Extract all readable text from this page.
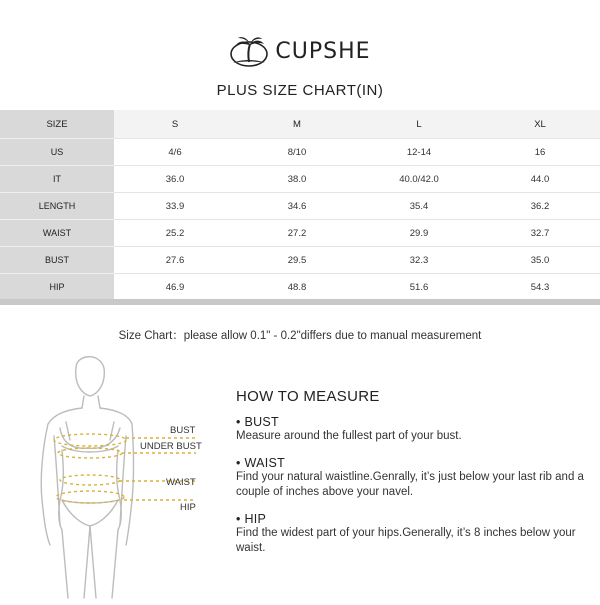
CUPSHE
PLUS SIZE CHART(IN)
SIZE	S	M	L	XL
US	4/6	8/10	12-14	16
IT	36.0	38.0	40.0/42.0	44.0
LENGTH	33.9	34.6	35.4	36.2
WAIST	25.2	27.2	29.9	32.7
BUST	27.6	29.5	32.3	35.0
HIP	46.9	48.8	51.6	54.3
Size Chart：please allow 0.1" - 0.2"differs due to manual measurement
BUST
UNDER BUST
WAIST
HIP
HOW TO MEASURE
• BUST
Measure around the fullest part of your bust.
• WAIST
Find your natural waistline.Genrally, it’s just below your last rib and a couple of inches above your navel.
• HIP
Find the widest part of your hips.Generally, it’s 8 inches below your waist.
